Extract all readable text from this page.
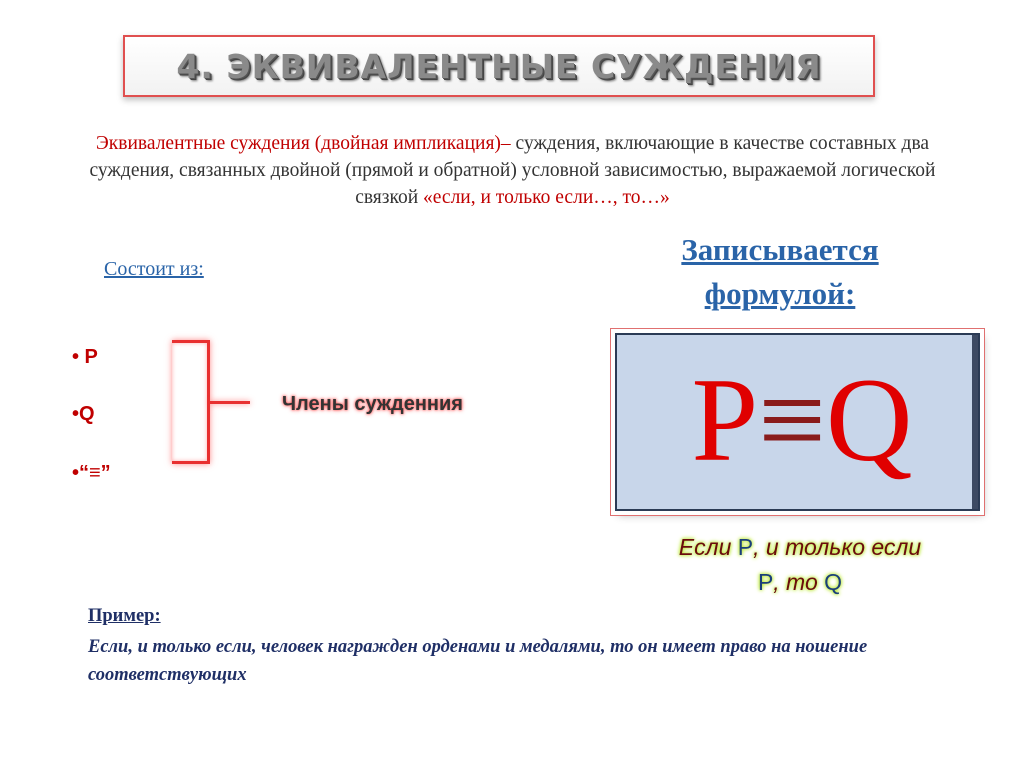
4. ЭКВИВАЛЕНТНЫЕ СУЖДЕНИЯ
Эквивалентные суждения (двойная импликация)– суждения, включающие в качестве составных два суждения, связанных двойной (прямой и обратной) условной зависимостью, выражаемой логической связкой «если, и только если…, то…»
Состоит из:
• Р
•Q
•“≡”
Члены сужденния
Записывается формулой:
Р≡Q
Если Р, и только если
Р, то Q
Пример:
Если, и только если, человек награжден орденами и медалями, то он имеет право на ношение соответствующих
